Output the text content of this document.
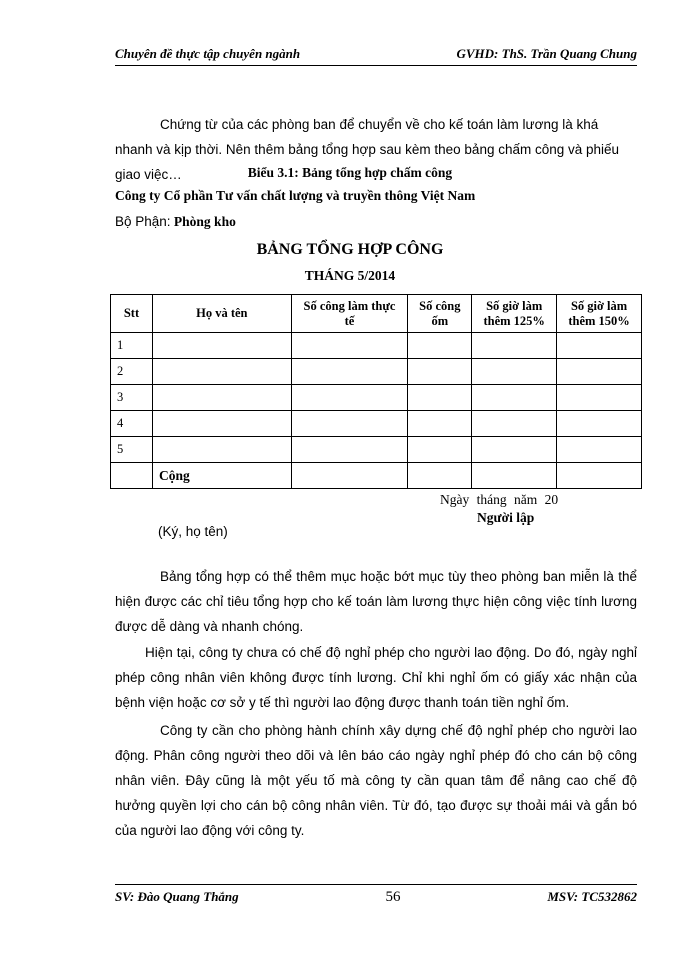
Chuyên đề thực tập chuyên ngành	GVHD: ThS. Trần Quang Chung

Chứng từ của các phòng ban để chuyển về cho kế toán làm lương là khá nhanh và kịp thời. Nên thêm bảng tổng hợp sau kèm theo bảng chấm công và phiếu giao việc…	Biểu 3.1: Bảng tổng hợp chấm công
Công ty Cổ phần Tư vấn chất lượng và truyền thông Việt Nam
Bộ Phận: Phòng kho
BẢNG TỔNG HỢP CÔNG
THÁNG 5/2014
Stt	Họ và tên	Số công làm thực tế	Số công ốm	Số giờ làm thêm 125%	Số giờ làm thêm 150%
1					
2					
3					
4					
5					
	Cộng				
Ngày tháng năm 20
Người lập
(Ký, họ tên)

Bảng tổng hợp có thể thêm mục hoặc bớt mục tùy theo phòng ban miễn là thể hiện được các chỉ tiêu tổng hợp cho kế toán làm lương thực hiện công việc tính lương được dễ dàng và nhanh chóng.

Hiện tại, công ty chưa có chế độ nghỉ phép cho người lao động. Do đó, ngày nghỉ phép công nhân viên không được tính lương. Chỉ khi nghỉ ốm có giấy xác nhận của bệnh viện hoặc cơ sở y tế thì người lao động được thanh toán tiền nghỉ ốm.

Công ty cần cho phòng hành chính xây dựng chế độ nghỉ phép cho người lao động. Phân công người theo dõi và lên báo cáo ngày nghỉ phép đó cho cán bộ công nhân viên. Đây cũng là một yếu tố mà công ty cần quan tâm để nâng cao chế độ hưởng quyền lợi cho cán bộ công nhân viên. Từ đó, tạo được sự thoải mái và gắn bó của người lao động với công ty.

SV: Đào Quang Thắng	56	MSV: TC532862
